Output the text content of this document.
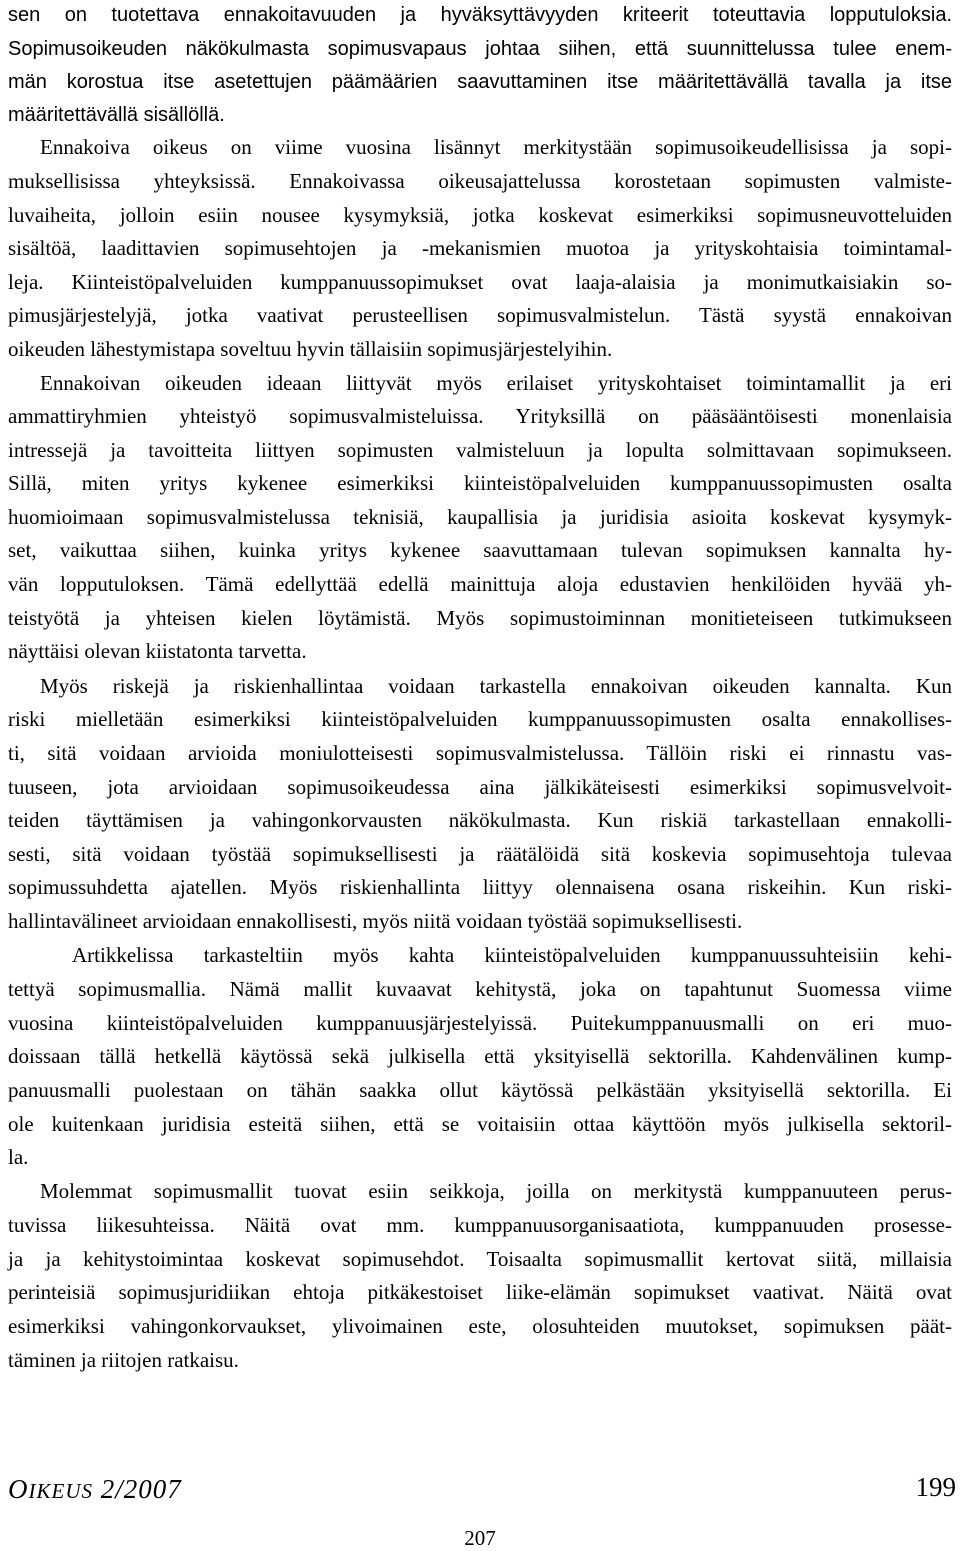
sen on tuotettava ennakoitavuuden ja hyväksyttävyyden kriteerit toteuttavia lopputuloksia.
Sopimusoikeuden näkökulmasta sopimusvapaus johtaa siihen, että suunnittelussa tulee enem-
män korostua itse asetettujen päämäärien saavuttaminen itse määritettävällä tavalla ja itse
määritettävällä sisällöllä.
Ennakoiva oikeus on viime vuosina lisännyt merkitystään sopimusoikeudellisissa ja sopi-
muksellisissa yhteyksissä. Ennakoivassa oikeusajattelussa korostetaan sopimusten valmiste-
luvaiheita, jolloin esiin nousee kysymyksiä, jotka koskevat esimerkiksi sopimusneuvotteluiden
sisältöä, laadittavien sopimusehtojen ja -mekanismien muotoa ja yrityskohtaisia toimintamal-
leja. Kiinteistöpalveluiden kumppanuussopimukset ovat laaja-alaisia ja monimutkaisiakin so-
pimusjärjestelyjä, jotka vaativat perusteellisen sopimusvalmistelun. Tästä syystä ennakoivan
oikeuden lähestymistapa soveltuu hyvin tällaisiin sopimusjärjestelyihin.
Ennakoivan oikeuden ideaan liittyvät myös erilaiset yrityskohtaiset toimintamallit ja eri
ammattiryhmien yhteistyö sopimusvalmisteluissa. Yrityksillä on pääsääntöisesti monenlaisia
intressejä ja tavoitteita liittyen sopimusten valmisteluun ja lopulta solmittavaan sopimukseen.
Sillä, miten yritys kykenee esimerkiksi kiinteistöpalveluiden kumppanuussopimusten osalta
huomioimaan sopimusvalmistelussa teknisiä, kaupallisia ja juridisia asioita koskevat kysymyk-
set, vaikuttaa siihen, kuinka yritys kykenee saavuttamaan tulevan sopimuksen kannalta hy-
vän lopputuloksen. Tämä edellyttää edellä mainittuja aloja edustavien henkilöiden hyvää yh-
teistyötä ja yhteisen kielen löytämistä. Myös sopimustoiminnan monitieteiseen tutkimukseen
näyttäisi olevan kiistatonta tarvetta.
Myös riskejä ja riskienhallintaa voidaan tarkastella ennakoivan oikeuden kannalta. Kun
riski mielletään esimerkiksi kiinteistöpalveluiden kumppanuussopimusten osalta ennakollises-
ti, sitä voidaan arvioida moniulotteisesti sopimusvalmistelussa. Tällöin riski ei rinnastu vas-
tuuseen, jota arvioidaan sopimusoikeudessa aina jälkikäteisesti esimerkiksi sopimusvelvoit-
teiden täyttämisen ja vahingonkorvausten näkökulmasta. Kun riskiä tarkastellaan ennakolli-
sesti, sitä voidaan työstää sopimuksellisesti ja räätälöidä sitä koskevia sopimusehtoja tulevaa
sopimussuhdetta ajatellen. Myös riskienhallinta liittyy olennaisena osana riskeihin. Kun riski-
hallintavälineet arvioidaan ennakollisesti, myös niitä voidaan työstää sopimuksellisesti.
Artikkelissa tarkasteltiin myös kahta kiinteistöpalveluiden kumppanuussuhteisiin kehi-
tettyä sopimusmallia. Nämä mallit kuvaavat kehitystä, joka on tapahtunut Suomessa viime
vuosina kiinteistöpalveluiden kumppanuusjärjestelyissä. Puitekumppanuusmalli on eri muo-
doissaan tällä hetkellä käytössä sekä julkisella että yksityisellä sektorilla. Kahdenvälinen kump-
panuusmalli puolestaan on tähän saakka ollut käytössä pelkästään yksityisellä sektorilla. Ei
ole kuitenkaan juridisia esteitä siihen, että se voitaisiin ottaa käyttöön myös julkisella sektoril-
la.
Molemmat sopimusmallit tuovat esiin seikkoja, joilla on merkitystä kumppanuuteen perus-
tuvissa liikesuhteissa. Näitä ovat mm. kumppanuusorganisaatiota, kumppanuuden prosesse-
ja ja kehitystoimintaa koskevat sopimusehdot. Toisaalta sopimusmallit kertovat siitä, millaisia
perinteisiä sopimusjuridiikan ehtoja pitkäkestoiset liike-elämän sopimukset vaativat. Näitä ovat
esimerkiksi vahingonkorvaukset, ylivoimainen este, olosuhteiden muutokset, sopimuksen päät-
täminen ja riitojen ratkaisu.
OIKEUS 2/2007	199
207
